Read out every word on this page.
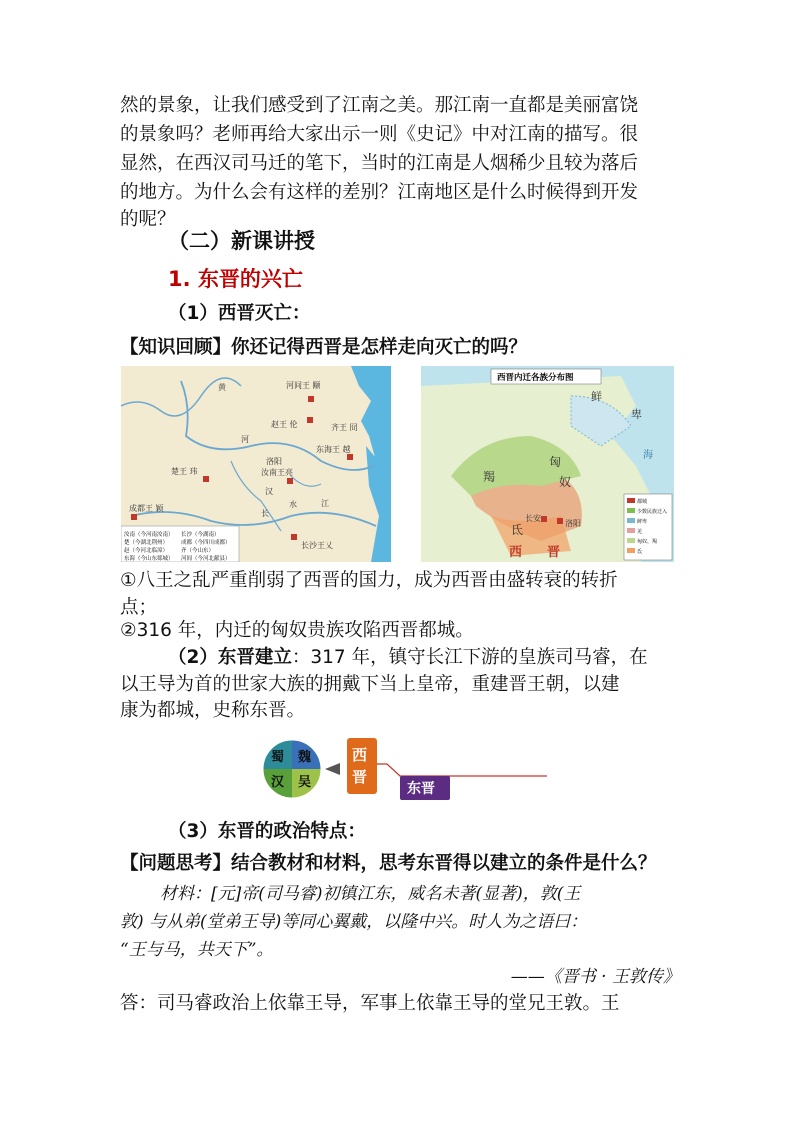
然的景象，让我们感受到了江南之美。那江南一直都是美丽富饶

的景象吗？老师再给大家出示一则《史记》中对江南的描写。很

显然，在西汉司马迁的笔下，当时的江南是人烟稀少且较为落后

的地方。为什么会有这样的差别？江南地区是什么时候得到开发

的呢？

（二）新课讲授
1. 东晋的兴亡
（1）西晋灭亡：
【知识回顾】你还记得西晋是怎样走向灭亡的吗？
黄	河间王 颙
赵王 伦	齐王 冏
河
东海王 越
洛阳
楚王 玮	汝南王亮
汉
成都王 颖
长
江
水
长沙王乂
汝南（今河南汝南） 长沙（今湖南）
楚（今湖北荆州） 成都（今四川成都）
赵（今河北临漳） 齐（今山东）
东海（今山东郯城） 河间（今河北献县）
西晋内迁各族分布图
鲜
卑
匈
奴
羯
氐
长安
洛阳
西 晋
海
都城
少数民族迁入
鲜卑
羌
匈奴、羯
氐

①八王之乱严重削弱了西晋的国力，成为西晋由盛转衰的转折

点；

②316 年，内迁的匈奴贵族攻陷西晋都城。

（2）东晋建立：317 年，镇守长江下游的皇族司马睿，在

以王导为首的世家大族的拥戴下当上皇帝，重建晋王朝，以建

康为都城，史称东晋。

魏
蜀
汉 吴
西
晋
东晋
（3）东晋的政治特点：
【问题思考】结合教材和材料，思考东晋得以建立的条件是什么？

材料：[元]帝(司马睿)初镇江东，威名未著(显著)，敦(王

敦) 与从弟(堂弟王导)等同心翼戴，以隆中兴。时人为之语曰：

“王与马，共天下”。

——《晋书 · 王敦传》

答：司马睿政治上依靠王导，军事上依靠王导的堂兄王敦。王
